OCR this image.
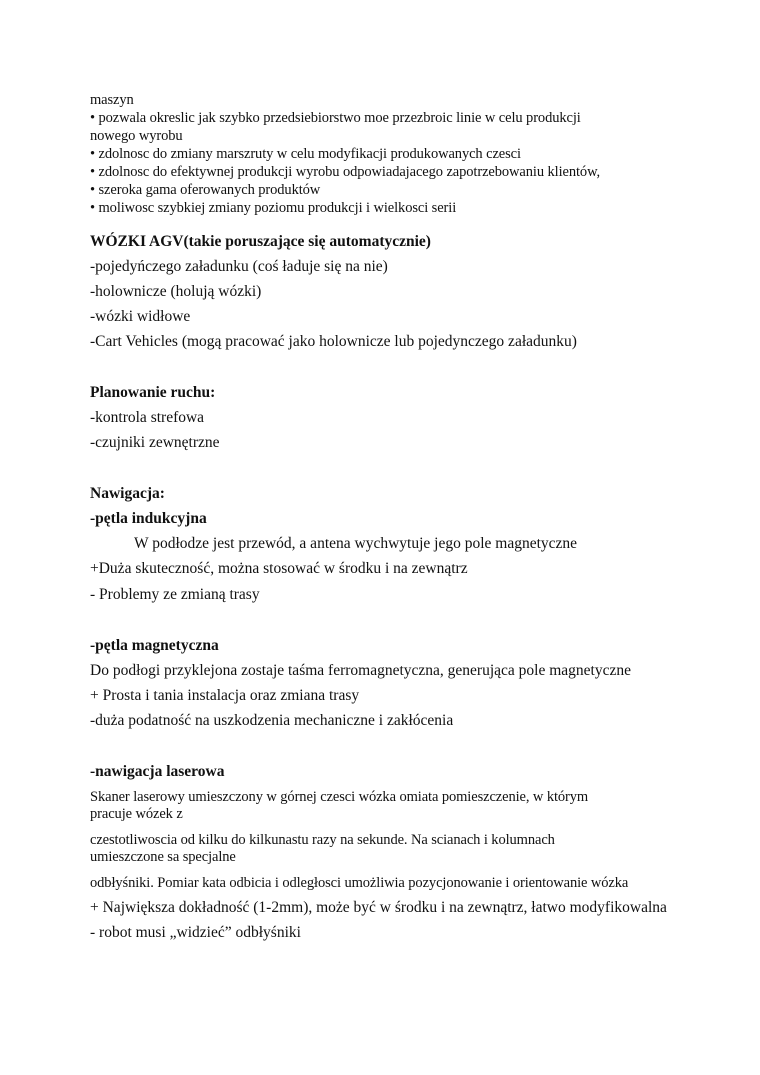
maszyn
• pozwala okreslic jak szybko przedsiebiorstwo moe przezbroic linie w celu produkcji
nowego wyrobu
• zdolnosc do zmiany marszruty w celu modyfikacji produkowanych czesci
• zdolnosc do efektywnej produkcji wyrobu odpowiadajacego zapotrzebowaniu klientów,
• szeroka gama oferowanych produktów
• moliwosc szybkiej zmiany poziomu produkcji i wielkosci serii
WÓZKI AGV(takie poruszające się automatycznie)
-pojedyńczego załadunku (coś ładuje się na nie)
-holownicze (holują wózki)
-wózki widłowe
-Cart Vehicles (mogą pracować jako holownicze lub pojedynczego załadunku)
Planowanie ruchu:
-kontrola strefowa
-czujniki zewnętrzne
Nawigacja:
-pętla indukcyjna
W podłodze jest przewód, a antena wychwytuje jego pole magnetyczne
+Duża skuteczność, można stosować w środku i na zewnątrz
- Problemy ze zmianą trasy
-pętla magnetyczna
Do podłogi przyklejona zostaje taśma ferromagnetyczna, generująca pole magnetyczne
+ Prosta i tania instalacja oraz zmiana trasy
-duża podatność na uszkodzenia mechaniczne i zakłócenia
-nawigacja laserowa
Skaner laserowy umieszczony w górnej czesci wózka omiata pomieszczenie, w którym
pracuje wózek z
czestotliwoscia od kilku do kilkunastu razy na sekunde. Na scianach i kolumnach
umieszczone sa specjalne
odbłyśniki. Pomiar kata odbicia i odległosci umożliwia pozycjonowanie i orientowanie wózka
+ Największa dokładność (1-2mm), może być w środku i na zewnątrz, łatwo modyfikowalna
- robot musi „widzieć” odbłyśniki
